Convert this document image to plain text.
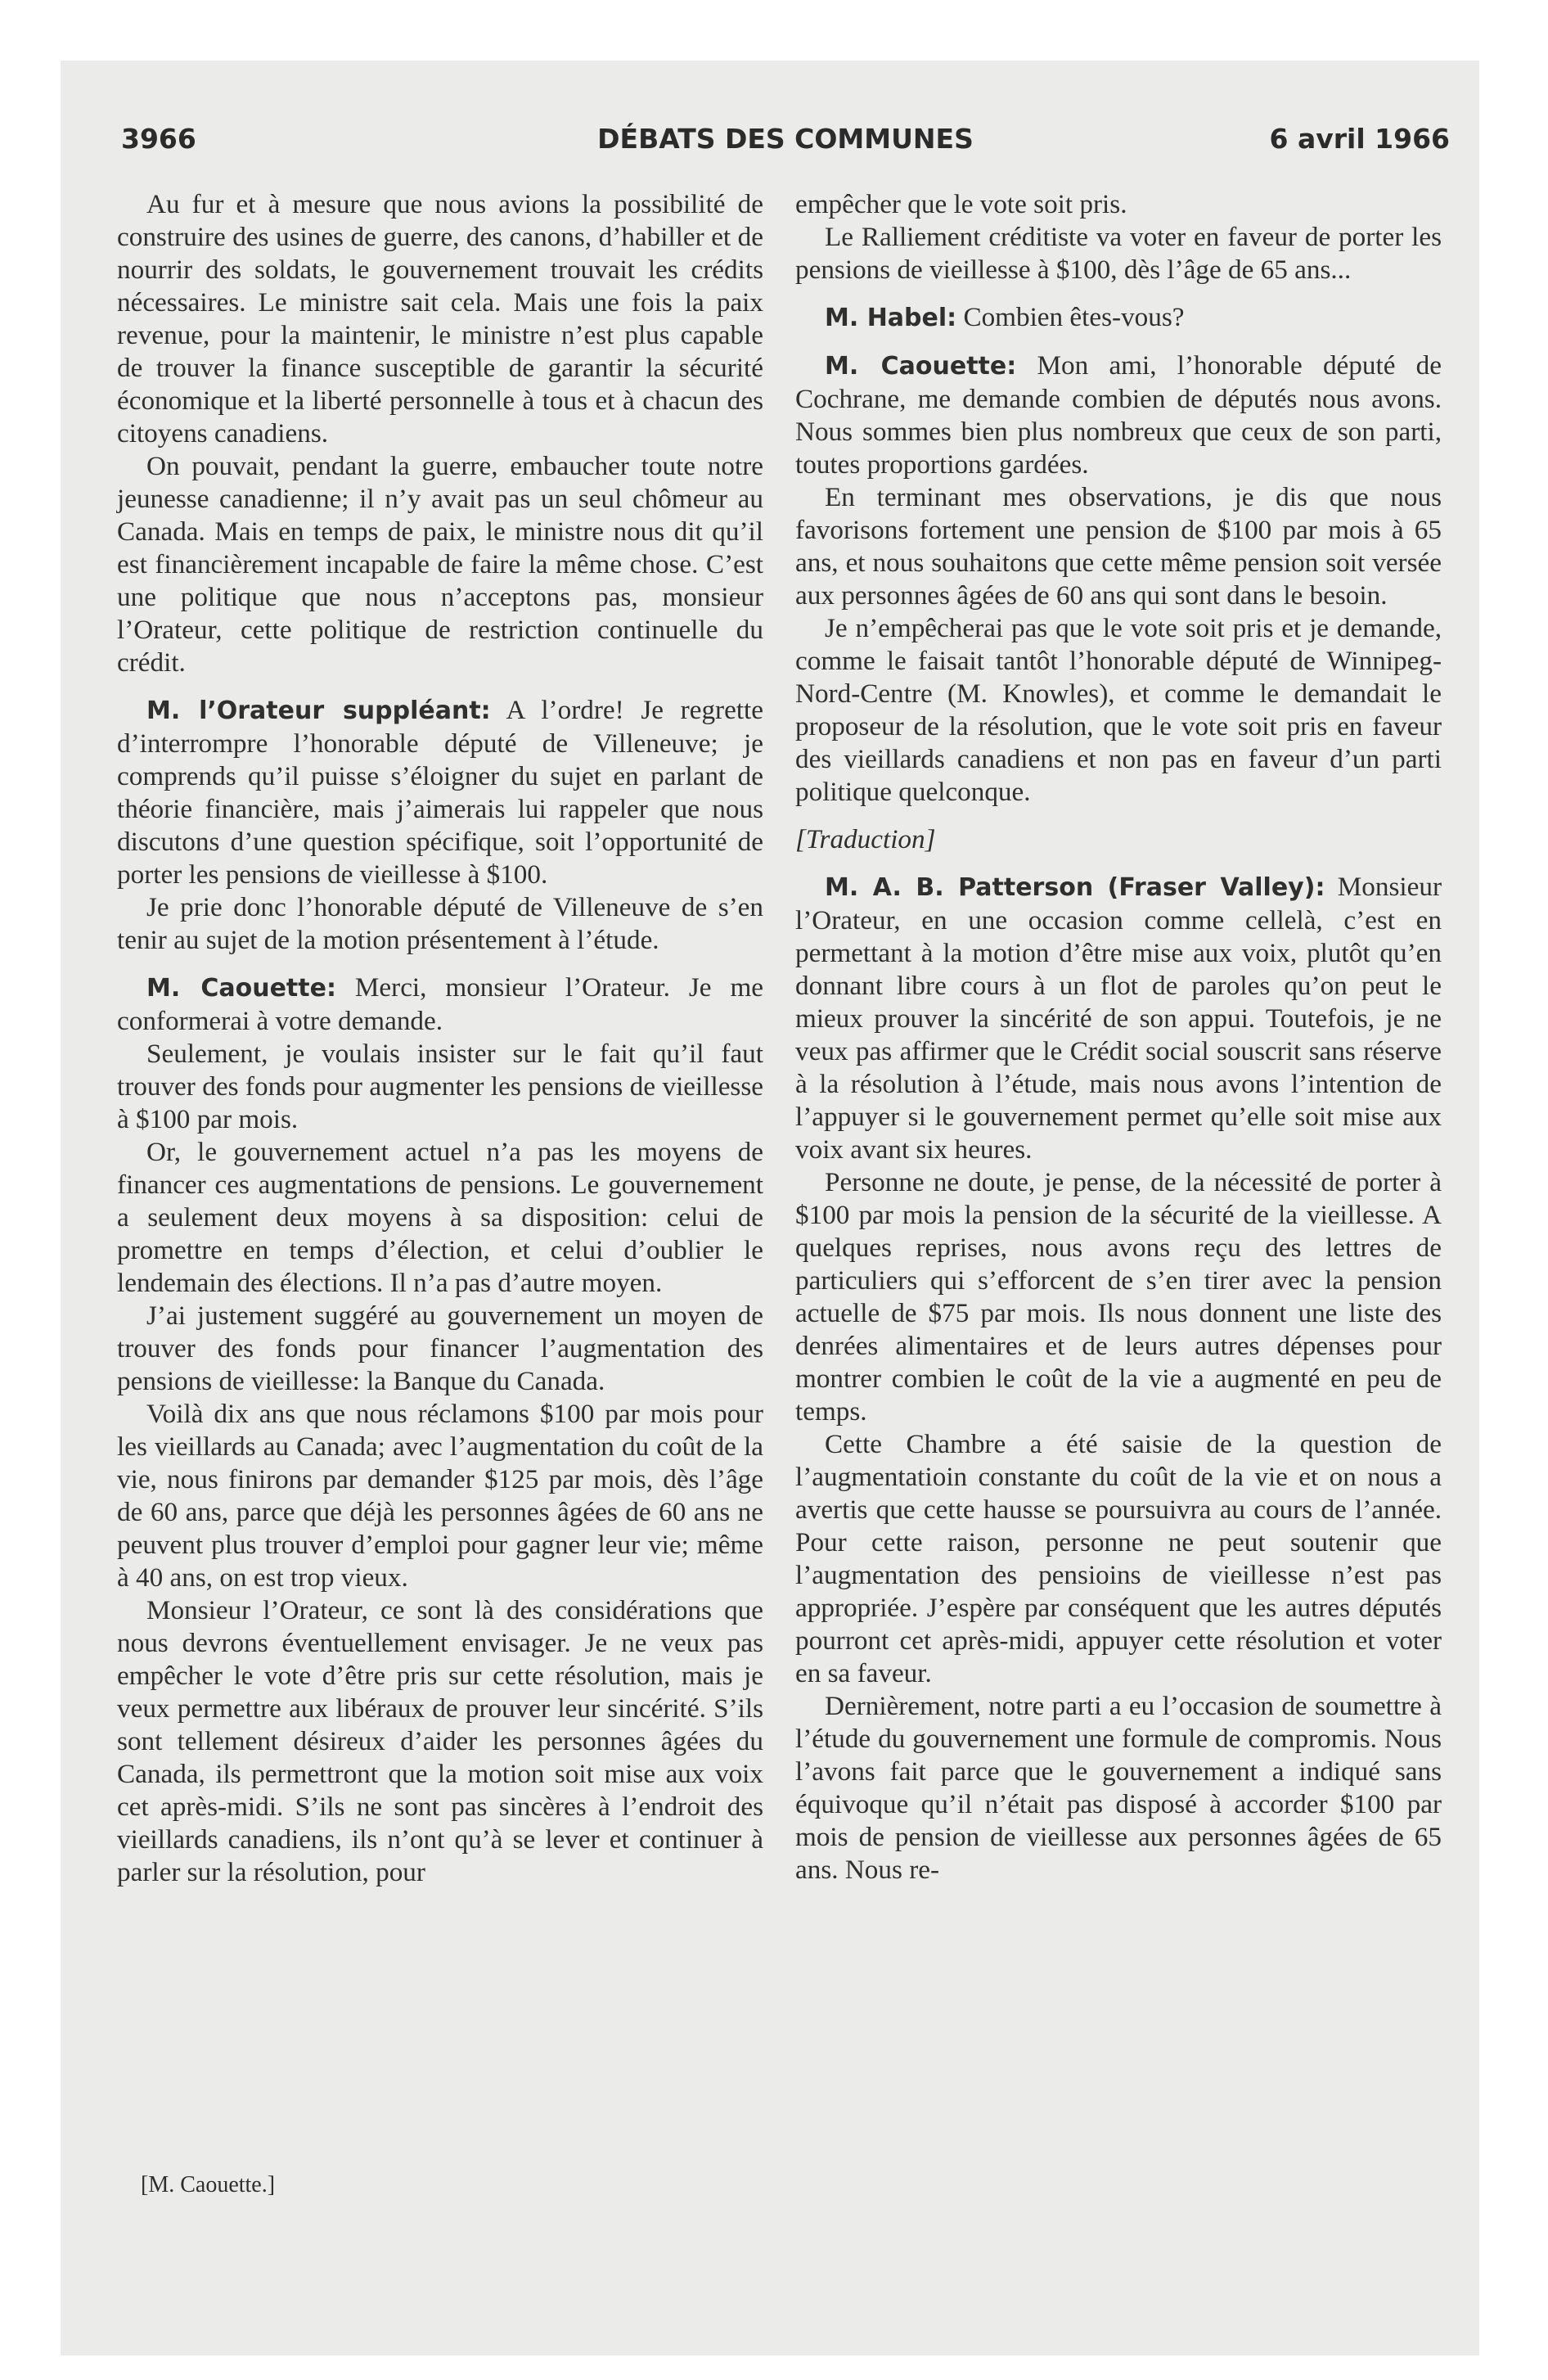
3966	DÉBATS DES COMMUNES	6 avril 1966

Au fur et à mesure que nous avions la possibilité de construire des usines de guerre, des canons, d’habiller et de nourrir des soldats, le gouvernement trouvait les crédits nécessaires. Le ministre sait cela. Mais une fois la paix revenue, pour la maintenir, le ministre n’est plus capable de trouver la finance susceptible de garantir la sécurité économique et la liberté personnelle à tous et à chacun des citoyens canadiens.

On pouvait, pendant la guerre, embaucher toute notre jeunesse canadienne; il n’y avait pas un seul chômeur au Canada. Mais en temps de paix, le ministre nous dit qu’il est financièrement incapable de faire la même chose. C’est une politique que nous n’acceptons pas, monsieur l’Orateur, cette politique de restriction continuelle du crédit.

M. l’Orateur suppléant: A l’ordre! Je regrette d’interrompre l’honorable député de Villeneuve; je comprends qu’il puisse s’éloigner du sujet en parlant de théorie financière, mais j’aimerais lui rappeler que nous discutons d’une question spécifique, soit l’opportunité de porter les pensions de vieillesse à $100.

Je prie donc l’honorable député de Villeneuve de s’en tenir au sujet de la motion présentement à l’étude.

M. Caouette: Merci, monsieur l’Orateur. Je me conformerai à votre demande.

Seulement, je voulais insister sur le fait qu’il faut trouver des fonds pour augmenter les pensions de vieillesse à $100 par mois.

Or, le gouvernement actuel n’a pas les moyens de financer ces augmentations de pensions. Le gouvernement a seulement deux moyens à sa disposition: celui de promettre en temps d’élection, et celui d’oublier le lendemain des élections. Il n’a pas d’autre moyen.

J’ai justement suggéré au gouvernement un moyen de trouver des fonds pour financer l’augmentation des pensions de vieillesse: la Banque du Canada.

Voilà dix ans que nous réclamons $100 par mois pour les vieillards au Canada; avec l’augmentation du coût de la vie, nous finirons par demander $125 par mois, dès l’âge de 60 ans, parce que déjà les personnes âgées de 60 ans ne peuvent plus trouver d’emploi pour gagner leur vie; même à 40 ans, on est trop vieux.

Monsieur l’Orateur, ce sont là des considérations que nous devrons éventuellement envisager. Je ne veux pas empêcher le vote d’être pris sur cette résolution, mais je veux permettre aux libéraux de prouver leur sincérité. S’ils sont tellement désireux d’aider les personnes âgées du Canada, ils permettront que la motion soit mise aux voix cet après-midi. S’ils ne sont pas sincères à l’endroit des vieillards canadiens, ils n’ont qu’à se lever et continuer à parler sur la résolution, pour

empêcher que le vote soit pris.

Le Ralliement créditiste va voter en faveur de porter les pensions de vieillesse à $100, dès l’âge de 65 ans...

M. Habel: Combien êtes-vous?

M. Caouette: Mon ami, l’honorable député de Cochrane, me demande combien de députés nous avons. Nous sommes bien plus nombreux que ceux de son parti, toutes proportions gardées.

En terminant mes observations, je dis que nous favorisons fortement une pension de $100 par mois à 65 ans, et nous souhaitons que cette même pension soit versée aux personnes âgées de 60 ans qui sont dans le besoin.

Je n’empêcherai pas que le vote soit pris et je demande, comme le faisait tantôt l’honorable député de Winnipeg-Nord-Centre (M. Knowles), et comme le demandait le proposeur de la résolution, que le vote soit pris en faveur des vieillards canadiens et non pas en faveur d’un parti politique quelconque.

[Traduction]

M. A. B. Patterson (Fraser Valley): Monsieur l’Orateur, en une occasion comme cellelà, c’est en permettant à la motion d’être mise aux voix, plutôt qu’en donnant libre cours à un flot de paroles qu’on peut le mieux prouver la sincérité de son appui. Toutefois, je ne veux pas affirmer que le Crédit social souscrit sans réserve à la résolution à l’étude, mais nous avons l’intention de l’appuyer si le gouvernement permet qu’elle soit mise aux voix avant six heures.

Personne ne doute, je pense, de la nécessité de porter à $100 par mois la pension de la sécurité de la vieillesse. A quelques reprises, nous avons reçu des lettres de particuliers qui s’efforcent de s’en tirer avec la pension actuelle de $75 par mois. Ils nous donnent une liste des denrées alimentaires et de leurs autres dépenses pour montrer combien le coût de la vie a augmenté en peu de temps.

Cette Chambre a été saisie de la question de l’augmentatioin constante du coût de la vie et on nous a avertis que cette hausse se poursuivra au cours de l’année. Pour cette raison, personne ne peut soutenir que l’augmentation des pensioins de vieillesse n’est pas appropriée. J’espère par conséquent que les autres députés pourront cet après-midi, appuyer cette résolution et voter en sa faveur.

Dernièrement, notre parti a eu l’occasion de soumettre à l’étude du gouvernement une formule de compromis. Nous l’avons fait parce que le gouvernement a indiqué sans équivoque qu’il n’était pas disposé à accorder $100 par mois de pension de vieillesse aux personnes âgées de 65 ans. Nous re-

[M. Caouette.]
